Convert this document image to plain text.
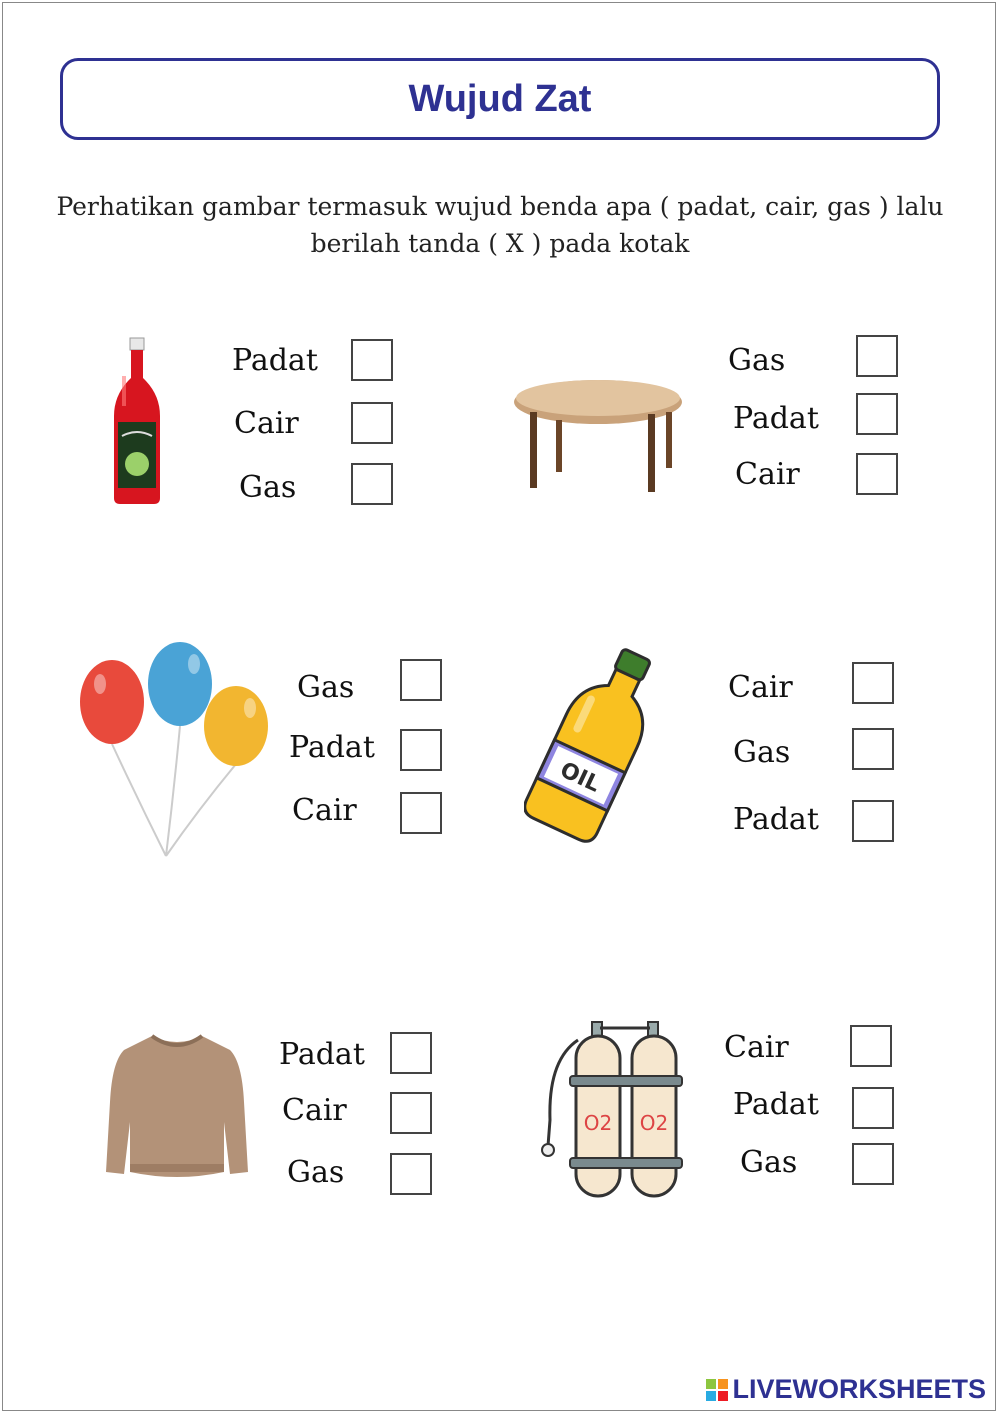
Wujud Zat
Perhatikan gambar termasuk wujud benda apa ( padat, cair, gas ) lalu
berilah tanda ( X ) pada kotak
Padat
Cair
Gas
Gas
Padat
Cair
Gas
Padat
Cair
OIL
Cair
Gas
Padat
Padat
Cair
Gas
O2 O2
Cair
Padat
Gas
LIVEWORKSHEETS
